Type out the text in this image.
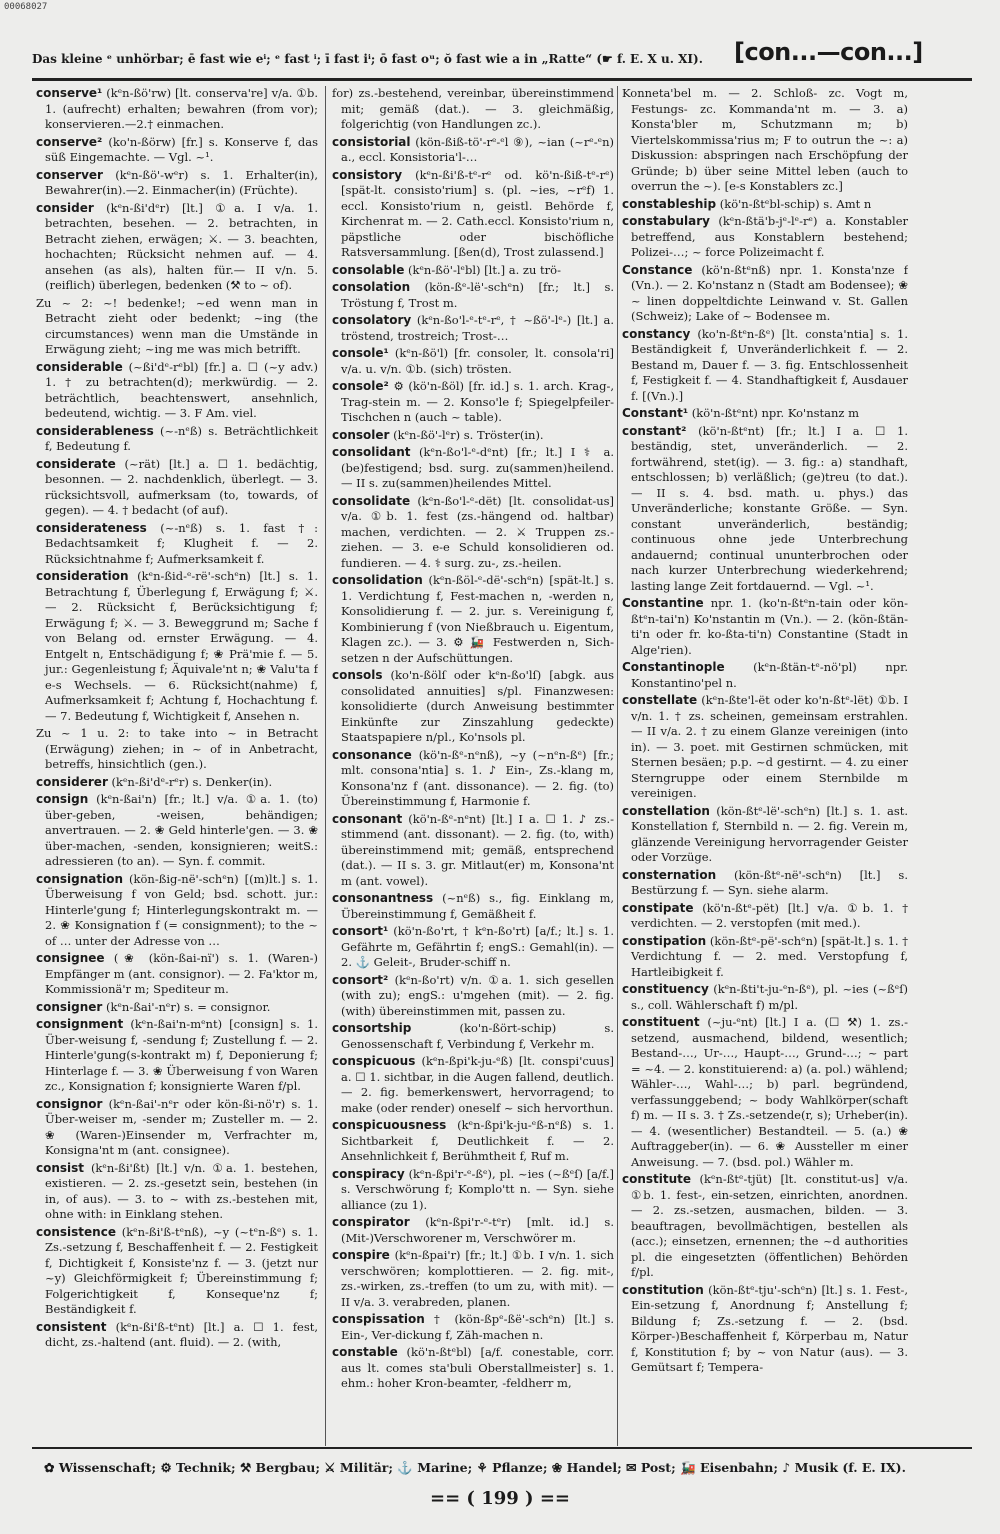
00068027
Das kleine ᵉ unhörbar; ē fast wie eⁱ; ᵉ fast ⁱ; ī fast iⁱ; ō fast oᵘ; ŏ fast wie a in „Ratte“ (☛ f. E. X u. XI).	[con...—con...]
conserve¹ (kᵉn-ßö'rw) [lt. conserva're] v/a. ①b. 1. (aufrecht) erhalten; bewahren (from vor); konservieren.—2.† einmachen.
conserve² (ko'n-ßörw) [fr.] s. Konserve f, das süß Eingemachte. — Vgl. ~¹.
conserver (kᵉn-ßö'-wᵉr) s. 1. Erhalter(in), Bewahrer(in).—2. Einmacher(in) (Früchte).
consider (kᵉn-ßi'dᵉr) [lt.] ①a. I v/a. 1. betrachten, besehen. — 2. betrachten, in Betracht ziehen, erwägen; ⚔. — 3. beachten, hochachten; Rücksicht nehmen auf. — 4. ansehen (as als), halten für.— II v/n. 5. (reiflich) überlegen, bedenken (⚒ to ~ of).
Zu ~ 2: ~! bedenke!; ~ed wenn man in Betracht zieht oder bedenkt; ~ing (the circumstances) wenn man die Umstände in Erwägung zieht; ~ing me was mich betrifft.
considerable (~ßi'dᵉ-rᵉbl) [fr.] a. ☐ (~y adv.) 1. † zu betrachten(d); merkwürdig. — 2. beträchtlich, beachtenswert, ansehnlich, bedeutend, wichtig. — 3. F Am. viel.
considerableness (~-nᵉß) s. Beträchtlichkeit f, Bedeutung f.
considerate (~rät) [lt.] a. ☐ 1. bedächtig, besonnen. — 2. nachdenklich, überlegt. — 3. rücksichtsvoll, aufmerksam (to, towards, of gegen). — 4. † bedacht (of auf).
considerateness (~-nᵉß) s. 1. fast †: Bedachtsamkeit f; Klugheit f. — 2. Rücksichtnahme f; Aufmerksamkeit f.
consideration (kᵉn-ßid-ᵉ-rë'-schᵉn) [lt.] s. 1. Betrachtung f, Überlegung f, Erwägung f; ⚔. — 2. Rücksicht f, Berücksichtigung f; Erwägung f; ⚔. — 3. Beweggrund m; Sache f von Belang od. ernster Erwägung. — 4. Entgelt n, Entschädigung f; ❀ Prä'mie f. — 5. jur.: Gegenleistung f; Äquivale'nt n; ❀ Valu'ta f e-s Wechsels. — 6. Rücksicht(nahme) f, Aufmerksamkeit f; Achtung f, Hochachtung f. — 7. Bedeutung f, Wichtigkeit f, Ansehen n.
Zu ~ 1 u. 2: to take into ~ in Betracht (Erwägung) ziehen; in ~ of in Anbetracht, betreffs, hinsichtlich (gen.).
considerer (kᵉn-ßi'dᵉ-rᵉr) s. Denker(in).
consign (kᵉn-ßai'n) [fr.; lt.] v/a. ①a. 1. (to) über-geben, -weisen, behändigen; anvertrauen. — 2. ❀ Geld hinterle'gen. — 3. ❀ über-machen, -senden, konsignieren; weitS.: adressieren (to an). — Syn. f. commit.
consignation (kön-ßig-në'-schᵉn) [(m)lt.] s. 1. Überweisung f von Geld; bsd. schott. jur.: Hinterle'gung f; Hinterlegungskontrakt m. —2. ❀ Konsignation f (= consignment); to the ~ of … unter der Adresse von …
consignee (❀ (kön-ßai-nï') s. 1. (Waren-) Empfänger m (ant. consignor). — 2. Fa'ktor m, Kommissionä'r m; Spediteur m.
consigner (kᵉn-ßai'-nᵉr) s. = consignor.
consignment (kᵉn-ßai'n-mᵉnt) [consign] s. 1. Über-weisung f, -sendung f; Zustellung f. — 2. Hinterle'gung(s-kontrakt m) f, Deponierung f; Hinterlage f. — 3. ❀ Überweisung f von Waren zc., Konsignation f; konsignierte Waren f/pl.
consignor (kᵉn-ßai'-nᵉr oder kön-ßi-nö'r) s. 1. Über-weiser m, -sender m; Zusteller m. — 2. ❀ (Waren-)Einsender m, Verfrachter m, Konsigna'nt m (ant. consignee).
consist (kᵉn-ßi'ßt) [lt.] v/n. ①a. 1. bestehen, existieren. — 2. zs.-gesetzt sein, bestehen (in in, of aus). — 3. to ~ with zs.-bestehen mit, ohne with: in Einklang stehen.
consistence (kᵉn-ßi'ß-tᵉnß), ~y (~tᵉn-ßᵉ) s. 1. Zs.-setzung f, Beschaffenheit f. — 2. Festigkeit f, Dichtigkeit f, Konsiste'nz f. — 3. (jetzt nur ~y) Gleichförmigkeit f; Übereinstimmung f; Folgerichtigkeit f, Konseque'nz f; Beständigkeit f.
consistent (kᵉn-ßi'ß-tᵉnt) [lt.] a. ☐ 1. fest, dicht, zs.-haltend (ant. fluid). — 2. (with,
for) zs.-bestehend, vereinbar, übereinstimmend mit; gemäß (dat.). — 3. gleichmäßig, folgerichtig (von Handlungen zc.).
consistorial (kön-ßiß-tö'-rᵉ-ᵉl ⑨), ~ian (~rᵉ-ᵉn) a., eccl. Konsistoria'l-…
consistory (kᵉn-ßi'ß-tᵉ-rᵉ od. kö'n-ßiß-tᵉ-rᵉ) [spät-lt. consisto'rium] s. (pl. ~ies, ~rᵉf) 1. eccl. Konsisto'rium n, geistl. Behörde f, Kirchenrat m. — 2. Cath.eccl. Konsisto'rium n, päpstliche oder bischöfliche Ratsversammlung. [ßen(d), Trost zulassend.]
consolable (kᵉn-ßö'-lᵉbl) [lt.] a. zu trö-
consolation (kön-ßᵉ-lë'-schᵉn) [fr.; lt.] s. Tröstung f, Trost m.
consolatory (kᵉn-ßo'l-ᵉ-tᵉ-rᵉ, † ~ßö'-lᵉ-) [lt.] a. tröstend, trostreich; Trost-…
console¹ (kᵉn-ßö'l) [fr. consoler, lt. consola'ri] v/a. u. v/n. ①b. (sich) trösten.
console² ⚙ (kö'n-ßöl) [fr. id.] s. 1. arch. Krag-, Trag-stein m. — 2. Konso'le f; Spiegelpfeiler-Tischchen n (auch ~ table).
consoler (kᵉn-ßö'-lᵉr) s. Tröster(in).
consolidant (kᵉn-ßo'l-ᵉ-dᵉnt) [fr.; lt.] I ⚕ a. (be)festigend; bsd. surg. zu(sammen)heilend. — II s. zu(sammen)heilendes Mittel.
consolidate (kᵉn-ßo'l-ᵉ-dët) [lt. consolidat-us] v/a. ①b. 1. fest (zs.-hängend od. haltbar) machen, verdichten. — 2. ⚔ Truppen zs.-ziehen. — 3. e-e Schuld konsolidieren od. fundieren. — 4. ⚕ surg. zu-, zs.-heilen.
consolidation (kᵉn-ßöl-ᵉ-dë'-schᵉn) [spät-lt.] s. 1. Verdichtung f, Fest-machen n, -werden n, Konsolidierung f. — 2. jur. s. Vereinigung f, Kombinierung f (von Nießbrauch u. Eigentum, Klagen zc.). — 3. ⚙ 🚂 Festwerden n, Sich-setzen n der Aufschüttungen.
consols (ko'n-ßölſ oder kᵉn-ßo'lſ) [abgk. aus consolidated annuities] s/pl. Finanzwesen: konsolidierte (durch Anweisung bestimmter Einkünfte zur Zinszahlung gedeckte) Staatspapiere n/pl., Ko'nsols pl.
consonance (kö'n-ßᵉ-nᵉnß), ~y (~nᵉn-ßᵉ) [fr.; mlt. consona'ntia] s. 1. ♪ Ein-, Zs.-klang m, Konsona'nz f (ant. dissonance). — 2. fig. (to) Übereinstimmung f, Harmonie f.
consonant (kö'n-ßᵉ-nᵉnt) [lt.] I a. ☐ 1. ♪ zs.-stimmend (ant. dissonant). — 2. fig. (to, with) übereinstimmend mit; gemäß, entsprechend (dat.). — II s. 3. gr. Mitlaut(er) m, Konsona'nt m (ant. vowel).
consonantness (~nᵉß) s., fig. Einklang m, Übereinstimmung f, Gemäßheit f.
consort¹ (kö'n-ßo'rt, † kᵉn-ßo'rt) [a/f.; lt.] s. 1. Gefährte m, Gefährtin f; engS.: Gemahl(in). — 2. ⚓ Geleit-, Bruder-schiff n.
consort² (kᵉn-ßo'rt) v/n. ①a. 1. sich gesellen (with zu); engS.: u'mgehen (mit). — 2. fig. (with) übereinstimmen mit, passen zu.
consortship	(ko'n-ßört-schip) s. Genossenschaft f, Verbindung f, Verkehr m.
conspicuous (kᵉn-ßpi'k-ju-ᵉß) [lt. conspi'cuus] a. ☐ 1. sichtbar, in die Augen fallend, deutlich. — 2. fig. bemerkenswert, hervorragend; to make (oder render) oneself ~ sich hervorthun.
conspicuousness (kᵉn-ßpi'k-ju-ᵉß-nᵉß) s. 1. Sichtbarkeit f, Deutlichkeit f. — 2. Ansehnlichkeit f, Berühmtheit f, Ruf m.
conspiracy (kᵉn-ßpi'r-ᵉ-ßᵉ), pl. ~ies (~ßᵉſ) [a/f.] s. Verschwörung f; Komplo'tt n. — Syn. siehe alliance (zu 1).
conspirator (kᵉn-ßpi'r-ᵉ-tᵉr) [mlt. id.] s. (Mit-)Verschworener m, Verschwörer m.
conspire (kᵉn-ßpai'r) [fr.; lt.] ①b. I v/n. 1. sich verschwören; komplottieren. — 2. fig. mit-, zs.-wirken, zs.-treffen (to um zu, with mit). — II v/a. 3. verabreden, planen.
conspissation † (kön-ßpᵉ-ßë'-schᵉn) [lt.] s. Ein-, Ver-dickung f, Zäh-machen n.
constable (kö'n-ßtᵉbl) [a/f. conestable, corr. aus lt. comes sta'buli Oberstallmeister] s. 1. ehm.: hoher Kron-beamter, -feldherr m,
Konneta'bel m. — 2. Schloß- zc. Vogt m, Festungs- zc. Kommanda'nt m. — 3. a) Konsta'bler m, Schutzmann m; b) Viertelskommissa'rius m; F to outrun the ~: a) Diskussion: abspringen nach Erschöpfung der Gründe; b) über seine Mittel leben (auch to overrun the ~). [e-s Konstablers zc.]
constableship (kö'n-ßtᵉbl-schip) s. Amt n
constabulary (kᵉn-ßtä'b-jᵉ-lᵉ-rᵉ) a. Konstabler betreffend, aus Konstablern bestehend; Polizei-…; ~ force Polizeimacht f.
Constance (kö'n-ßtᵉnß) npr. 1. Konsta'nze f (Vn.). — 2. Ko'nstanz n (Stadt am Bodensee); ❀ ~ linen doppeltdichte Leinwand v. St. Gallen (Schweiz); Lake of ~ Bodensee m.
constancy (ko'n-ßtᵉn-ßᵉ) [lt. consta'ntia] s. 1. Beständigkeit f, Unveränderlichkeit f. — 2. Bestand m, Dauer f. — 3. fig. Entschlossenheit f, Festigkeit f. — 4. Standhaftigkeit f, Ausdauer f. [(Vn.).]
Constant¹ (kö'n-ßtᵉnt) npr. Ko'nstanz m
constant² (kö'n-ßtᵉnt) [fr.; lt.] I a. ☐ 1. beständig, stet, unveränderlich. — 2. fortwährend, stet(ig). — 3. fig.: a) standhaft, entschlossen; b) verläßlich; (ge)treu (to dat.). — II s. 4. bsd. math. u. phys.) das Unveränderliche; konstante Größe. — Syn. constant unveränderlich, beständig; continuous ohne jede Unterbrechung andauernd; continual ununterbrochen oder nach kurzer Unterbrechung wiederkehrend; lasting lange Zeit fortdauernd. — Vgl. ~¹.
Constantine npr. 1. (ko'n-ßtᵉn-tain oder kön-ßtᵉn-tai'n) Ko'nstantin m (Vn.). — 2. (kön-ßtän-ti'n oder fr. ko-ßta-ti'n) Constantine (Stadt in Alge'rien).
Constantinople (kᵉn-ßtän-tᵉ-nö'pl) npr. Konstantino'pel n.
constellate (kᵉn-ßte'l-ët oder ko'n-ßtᵉ-lët) ①b. I v/n. 1. † zs. scheinen, gemeinsam erstrahlen. — II v/a. 2. † zu einem Glanze vereinigen (into in). — 3. poet. mit Gestirnen schmücken, mit Sternen besäen; p.p. ~d gestirnt. — 4. zu einer Sterngruppe oder einem Sternbilde m vereinigen.
constellation (kön-ßtᵉ-lë'-schᵉn) [lt.] s. 1. ast. Konstellation f, Sternbild n. — 2. fig. Verein m, glänzende Vereinigung hervorragender Geister oder Vorzüge.
consternation (kön-ßtᵉ-në'-schᵉn) [lt.] s. Bestürzung f. — Syn. siehe alarm.
constipate (kö'n-ßtᵉ-pët) [lt.] v/a. ①b. 1. † verdichten. — 2. verstopfen (mit med.).
constipation (kön-ßtᵉ-pë'-schᵉn) [spät-lt.] s. 1. † Verdichtung f. — 2. med. Verstopfung f, Hartleibigkeit f.
constituency (kᵉn-ßti't-ju-ᵉn-ßᵉ), pl. ~ies (~ßᵉſ) s., coll. Wählerschaft f) m/pl.
constituent (~ju-ᵉnt) [lt.] I a. (☐ ⚒) 1. zs.-setzend, ausmachend, bildend, wesentlich; Bestand-…, Ur-…, Haupt-…, Grund-…; ~ part = ~4. — 2. konstituierend: a) (a. pol.) wählend; Wähler-…, Wahl-…; b) parl. begründend, verfassunggebend; ~ body Wahlkörper(schaft f) m. — II s. 3. † Zs.-setzende(r, s); Urheber(in). — 4. (wesentlicher) Bestandteil. — 5. (a.) ❀ Auftraggeber(in). — 6. ❀ Aussteller m einer Anweisung. — 7. (bsd. pol.) Wähler m.
constitute (kᵉn-ßtᵉ-tjüt) [lt. constitut-us] v/a. ①b. 1. fest-, ein-setzen, einrichten, anordnen. — 2. zs.-setzen, ausmachen, bilden. — 3. beauftragen, bevollmächtigen, bestellen als (acc.); einsetzen, ernennen; the ~d authorities pl. die eingesetzten (öffentlichen) Behörden f/pl.
constitution (kön-ßtᵉ-tju'-schᵉn) [lt.] s. 1. Fest-, Ein-setzung f, Anordnung f; Anstellung f; Bildung f; Zs.-setzung f. — 2. (bsd. Körper-)Beschaffenheit f, Körperbau m, Natur f, Konstitution f; by ~ von Natur (aus). — 3. Gemütsart f; Tempera-
✿ Wissenschaft; ⚙ Technik; ⚒ Bergbau; ⚔ Militär; ⚓ Marine; ⚘ Pflanze; ❀ Handel; ✉ Post; 🚂 Eisenbahn; ♪ Musik (f. E. IX).
== ( 199 ) ==
